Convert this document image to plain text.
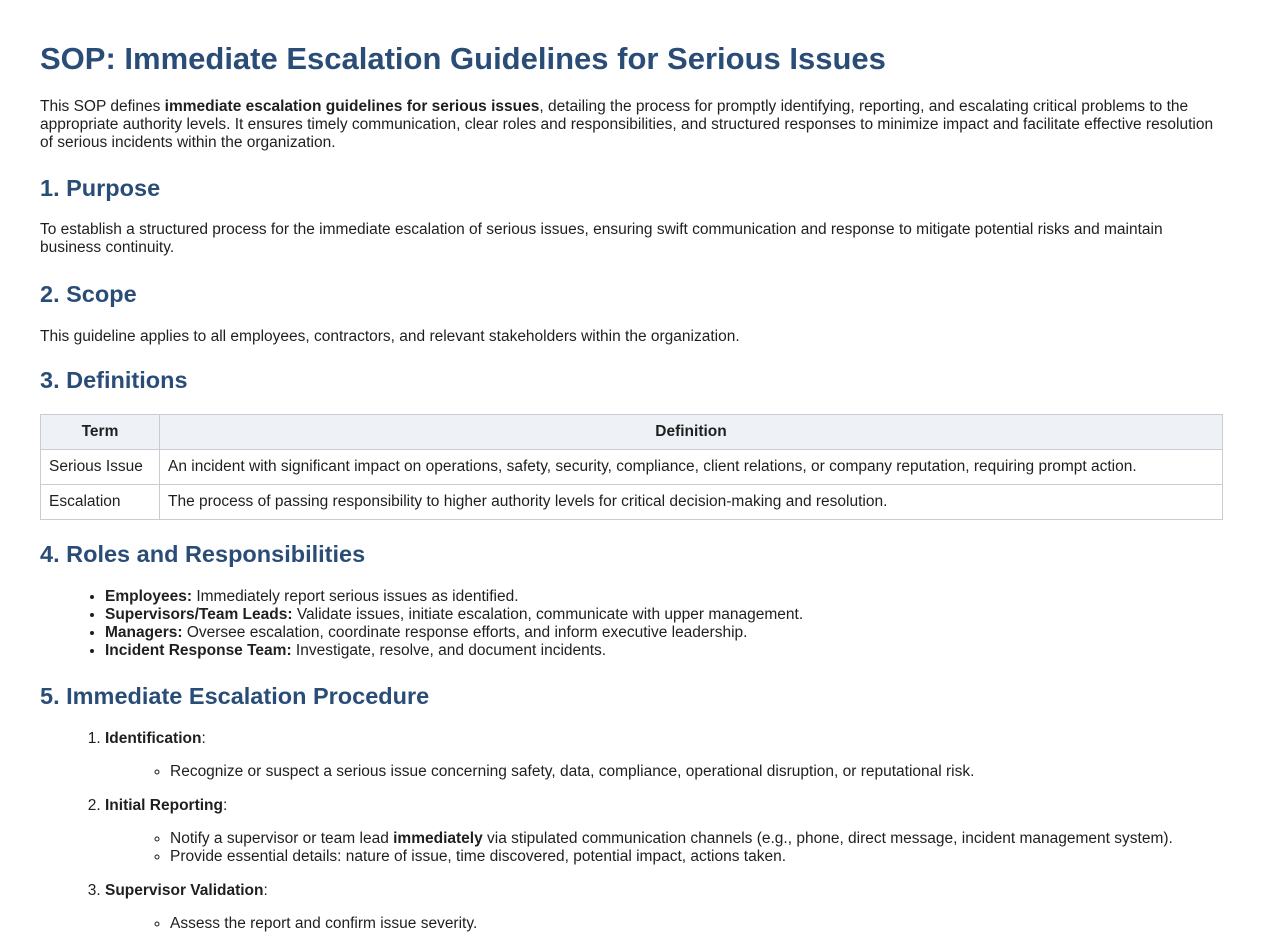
SOP: Immediate Escalation Guidelines for Serious Issues

This SOP defines immediate escalation guidelines for serious issues, detailing the process for promptly identifying, reporting, and escalating critical problems to the appropriate authority levels. It ensures timely communication, clear roles and responsibilities, and structured responses to minimize impact and facilitate effective resolution of serious incidents within the organization.

1. Purpose

To establish a structured process for the immediate escalation of serious issues, ensuring swift communication and response to mitigate potential risks and maintain business continuity.

2. Scope

This guideline applies to all employees, contractors, and relevant stakeholders within the organization.

3. Definitions
Term	Definition
Serious Issue	An incident with significant impact on operations, safety, security, compliance, client relations, or company reputation, requiring prompt action.
Escalation	The process of passing responsibility to higher authority levels for critical decision-making and resolution.
4. Roles and Responsibilities
• Employees: Immediately report serious issues as identified.
• Supervisors/Team Leads: Validate issues, initiate escalation, communicate with upper management.
• Managers: Oversee escalation, coordinate response efforts, and inform executive leadership.
• Incident Response Team: Investigate, resolve, and document incidents.
5. Immediate Escalation Procedure
1. Identification:
◦ Recognize or suspect a serious issue concerning safety, data, compliance, operational disruption, or reputational risk.
2. Initial Reporting:
◦ Notify a supervisor or team lead immediately via stipulated communication channels (e.g., phone, direct message, incident management system).
◦ Provide essential details: nature of issue, time discovered, potential impact, actions taken.
3. Supervisor Validation:
◦ Assess the report and confirm issue severity.
